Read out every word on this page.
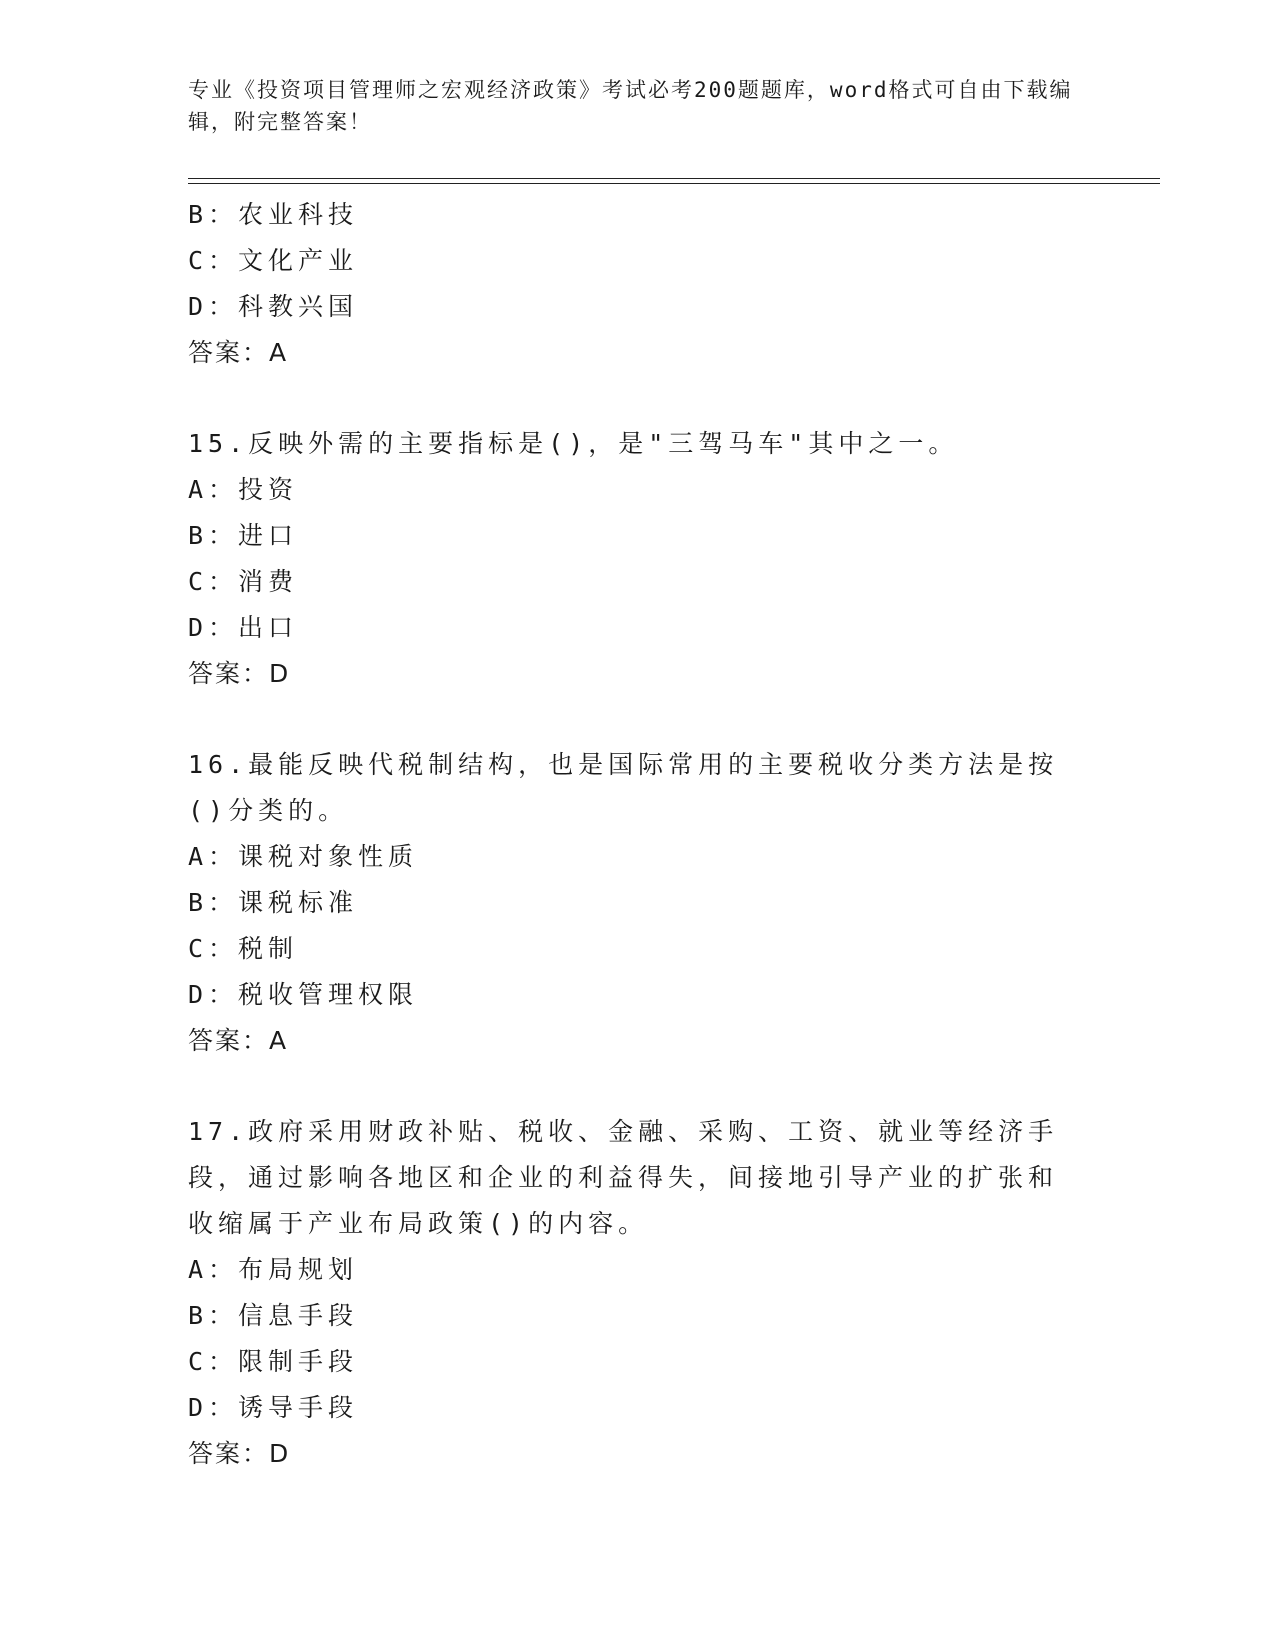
专业《投资项目管理师之宏观经济政策》考试必考200题题库，word格式可自由下载编辑，附完整答案！
B：农业科技
C：文化产业
D：科教兴国
答案：A
15.反映外需的主要指标是()，是"三驾马车"其中之一。
A：投资
B：进口
C：消费
D：出口
答案：D
16.最能反映代税制结构，也是国际常用的主要税收分类方法是按()分类的。
A：课税对象性质
B：课税标准
C：税制
D：税收管理权限
答案：A
17.政府采用财政补贴、税收、金融、采购、工资、就业等经济手段，通过影响各地区和企业的利益得失，间接地引导产业的扩张和收缩属于产业布局政策()的内容。
A：布局规划
B：信息手段
C：限制手段
D：诱导手段
答案：D
